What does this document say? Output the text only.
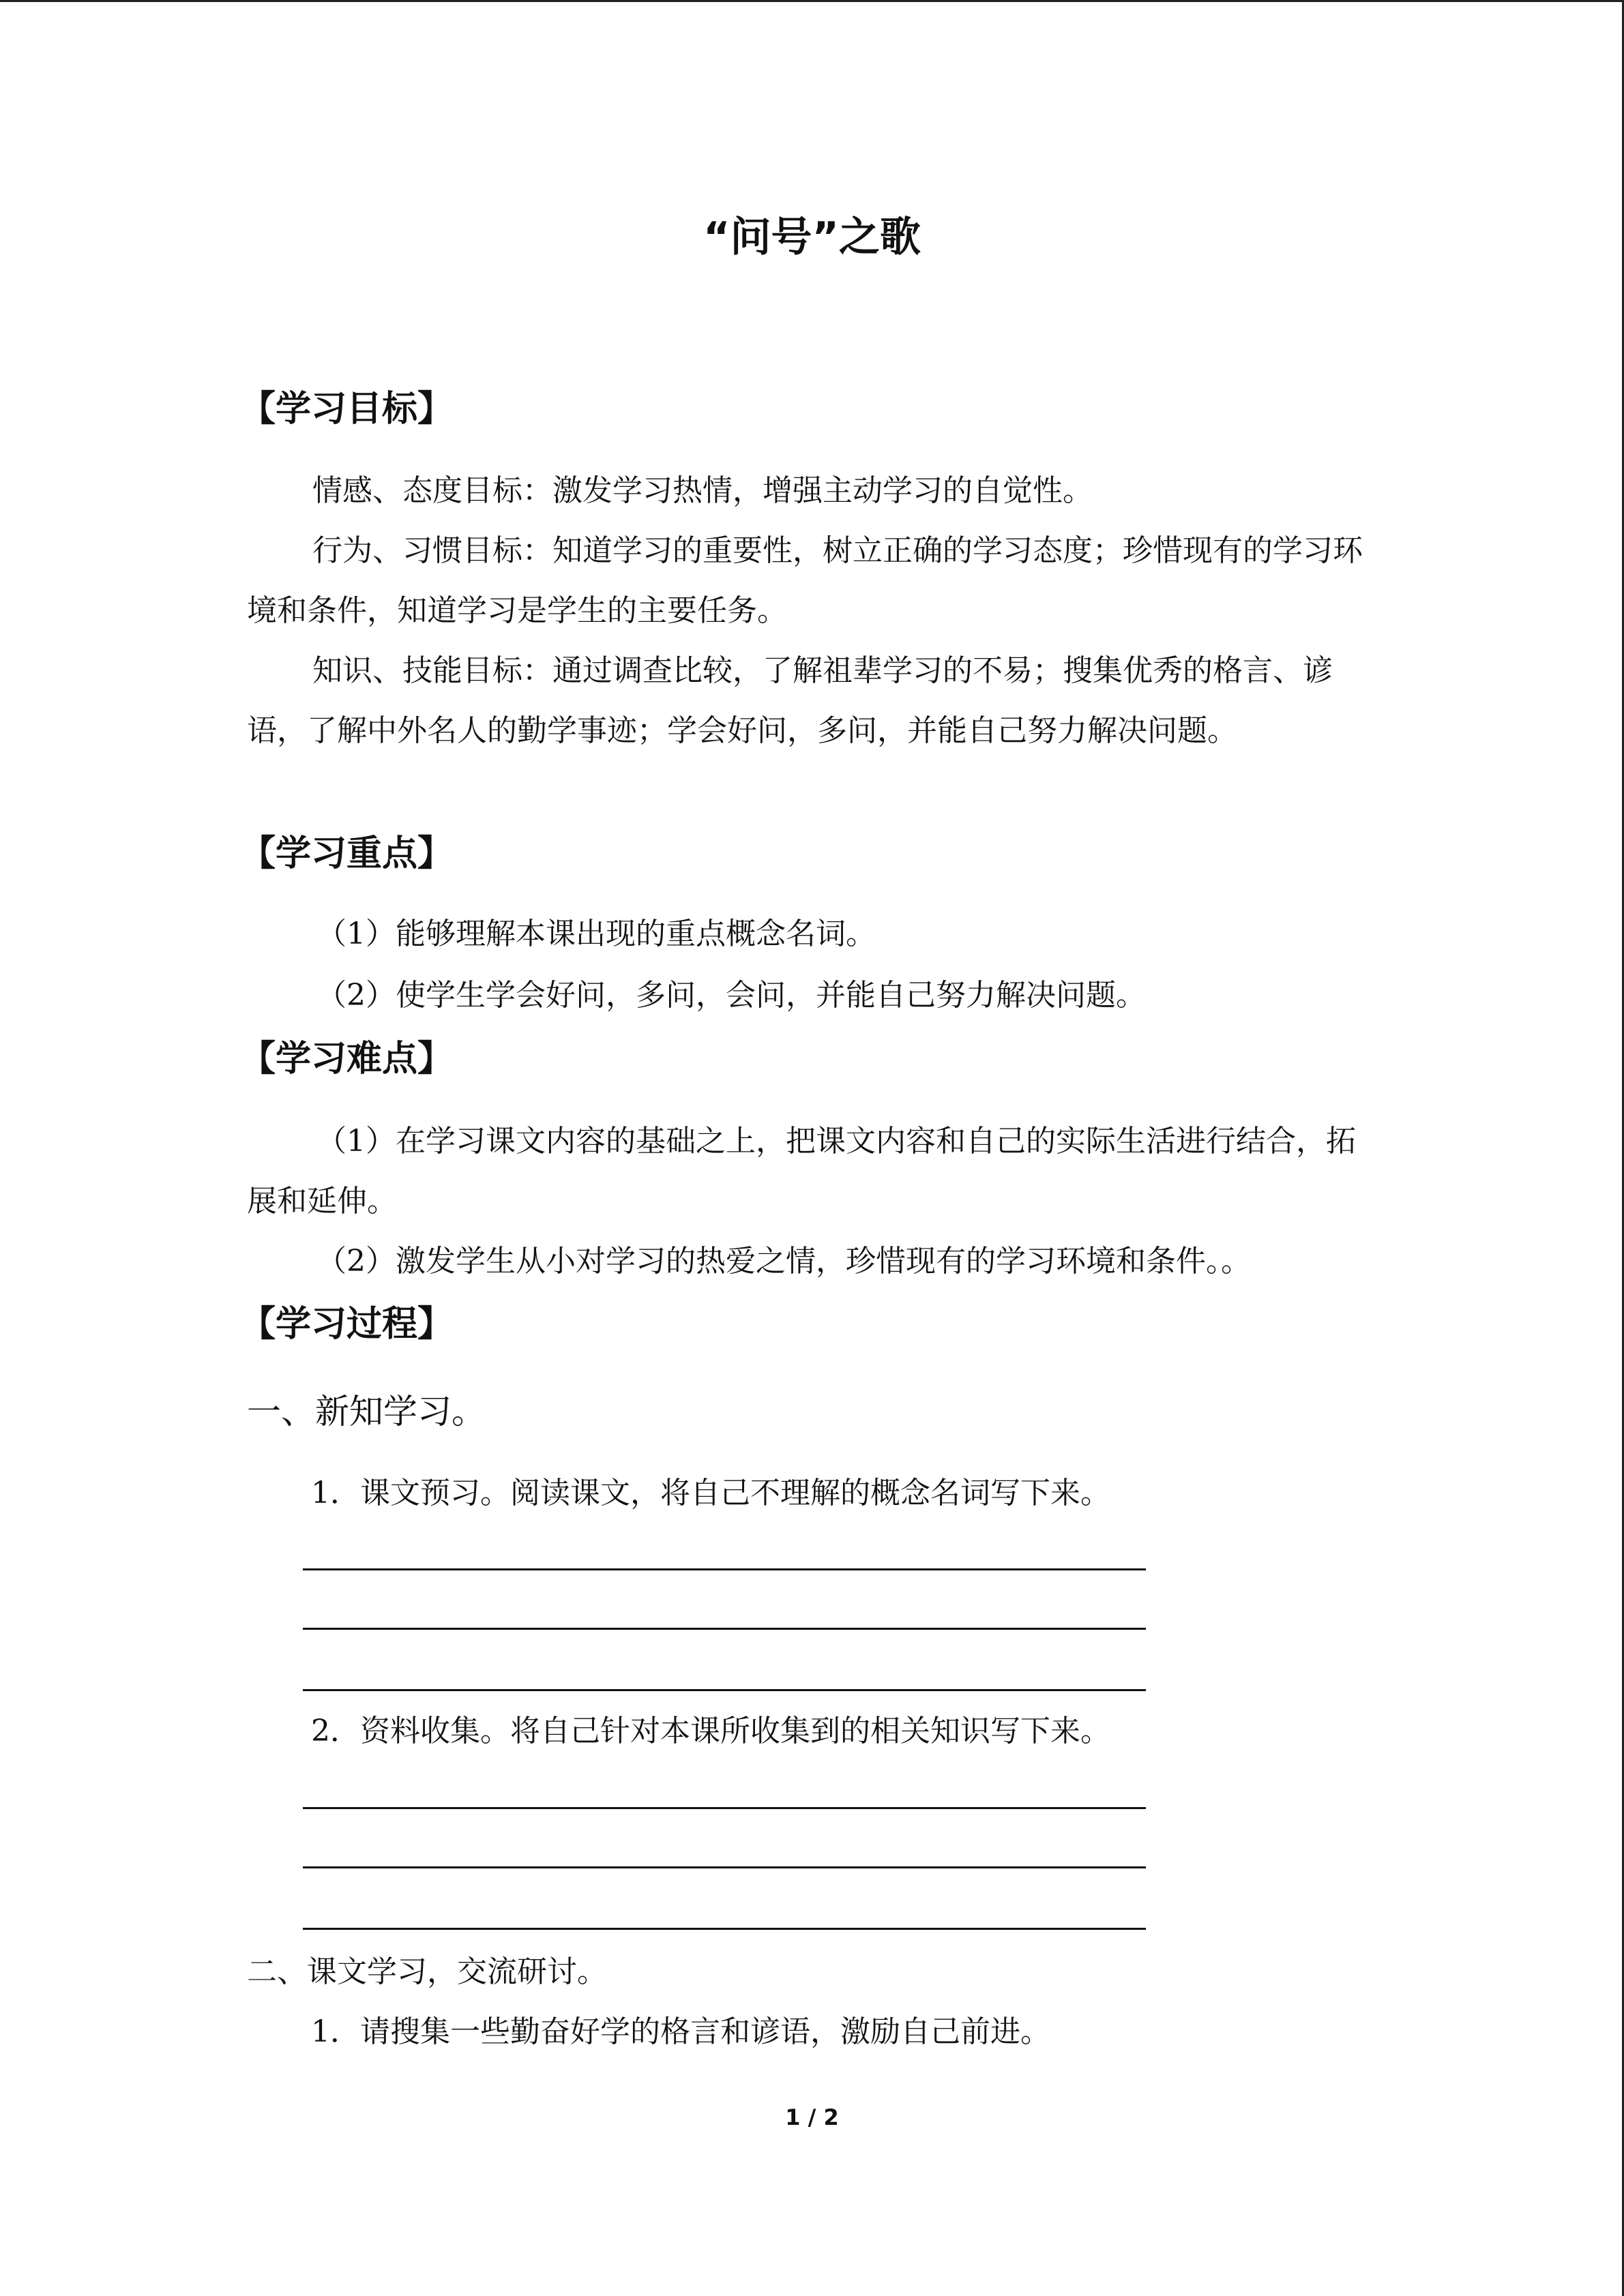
“问号”之歌
【学习目标】

情感、态度目标：激发学习热情，增强主动学习的自觉性。

行为、习惯目标：知道学习的重要性，树立正确的学习态度；珍惜现有的学习环境和条件，知道学习是学生的主要任务。

知识、技能目标：通过调查比较，了解祖辈学习的不易；搜集优秀的格言、谚语，了解中外名人的勤学事迹；学会好问，多问，并能自己努力解决问题。

【学习重点】
（1）能够理解本课出现的重点概念名词。
（2）使学生学会好问，多问，会问，并能自己努力解决问题。
【学习难点】

（1）在学习课文内容的基础之上，把课文内容和自己的实际生活进行结合，拓展和延伸。

（2）激发学生从小对学习的热爱之情，珍惜现有的学习环境和条件。。
【学习过程】
一、新知学习。
1．课文预习。阅读课文，将自己不理解的概念名词写下来。
2．资料收集。将自己针对本课所收集到的相关知识写下来。
二、课文学习，交流研讨。
1．请搜集一些勤奋好学的格言和谚语，激励自己前进。
1 / 2
